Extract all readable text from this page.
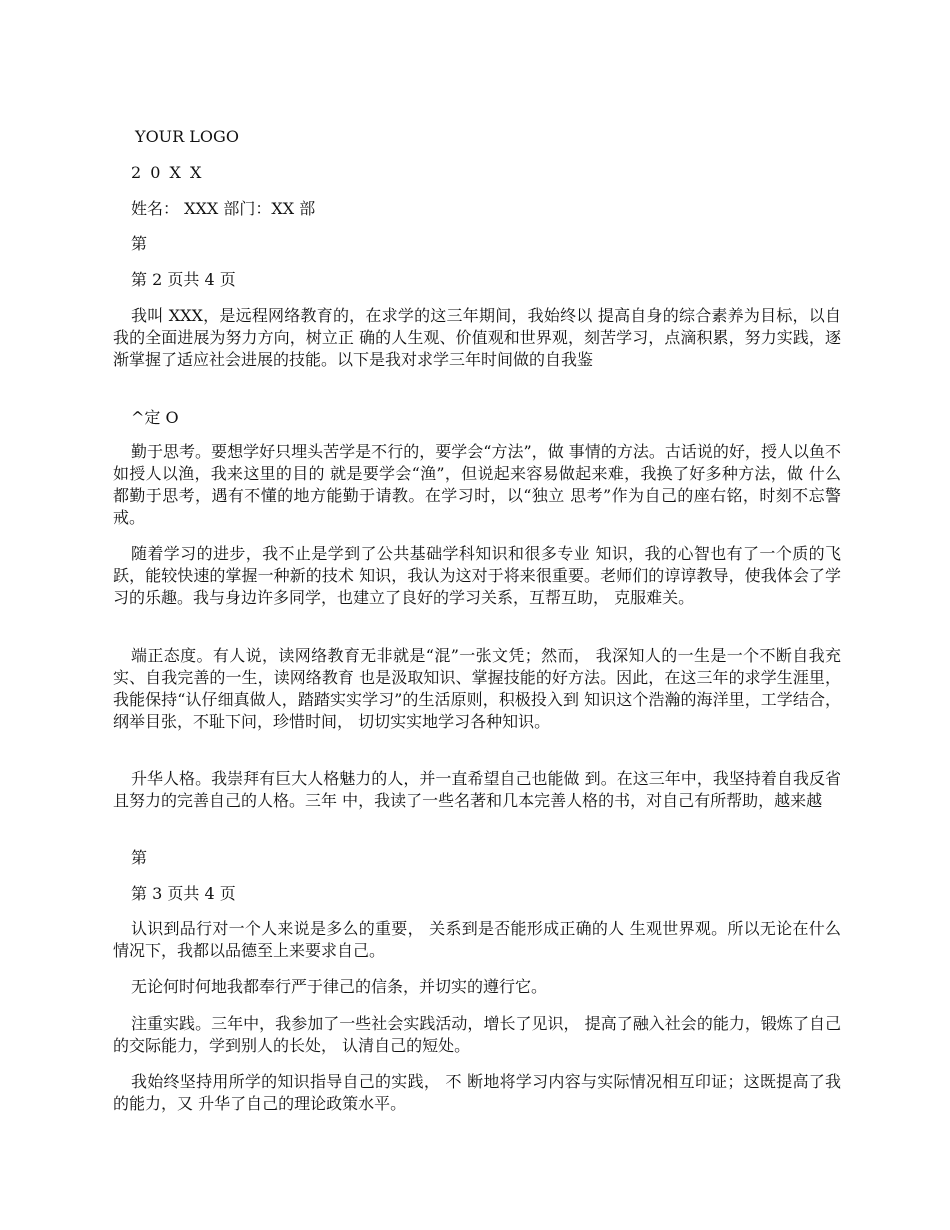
YOUR LOGO
2 0 X X
姓名： XXX 部门：XX 部
第
第 2 页共 4 页
我叫 XXX，是远程网络教育的，在求学的这三年期间，我始终以 提高自身的综合素养为目标，以自我的全面进展为努力方向，树立正 确的人生观、价值观和世界观，刻苦学习，点滴积累，努力实践，逐 渐掌握了适应社会进展的技能。以下是我对求学三年时间做的自我鉴
^定 O
勤于思考。要想学好只埋头苦学是不行的，要学会“方法”，做 事情的方法。古话说的好，授人以鱼不如授人以渔，我来这里的目的 就是要学会“渔”，但说起来容易做起来难，我换了好多种方法，做 什么都勤于思考，遇有不懂的地方能勤于请教。在学习时，以“独立 思考”作为自己的座右铭，时刻不忘警戒。
随着学习的进步，我不止是学到了公共基础学科知识和很多专业 知识，我的心智也有了一个质的飞跃，能较快速的掌握一种新的技术 知识，我认为这对于将来很重要。老师们的谆谆教导，使我体会了学 习的乐趣。我与身边许多同学，也建立了良好的学习关系，互帮互助， 克服难关。
端正态度。有人说，读网络教育无非就是“混”一张文凭；然而， 我深知人的一生是一个不断自我充实、自我完善的一生，读网络教育 也是汲取知识、掌握技能的好方法。因此，在这三年的求学生涯里， 我能保持“认仔细真做人，踏踏实实学习”的生活原则，积极投入到 知识这个浩瀚的海洋里，工学结合，纲举目张，不耻下问，珍惜时间， 切切实实地学习各种知识。
升华人格。我崇拜有巨大人格魅力的人，并一直希望自己也能做 到。在这三年中，我坚持着自我反省且努力的完善自己的人格。三年 中，我读了一些名著和几本完善人格的书，对自己有所帮助，越来越
第
第 3 页共 4 页
认识到品行对一个人来说是多么的重要， 关系到是否能形成正确的人 生观世界观。所以无论在什么情况下，我都以品德至上来要求自己。
无论何时何地我都奉行严于律己的信条，并切实的遵行它。
注重实践。三年中，我参加了一些社会实践活动，增长了见识， 提高了融入社会的能力，锻炼了自己的交际能力，学到别人的长处， 认清自己的短处。
我始终坚持用所学的知识指导自己的实践， 不 断地将学习内容与实际情况相互印证；这既提高了我的能力，又 升华了自己的理论政策水平。
